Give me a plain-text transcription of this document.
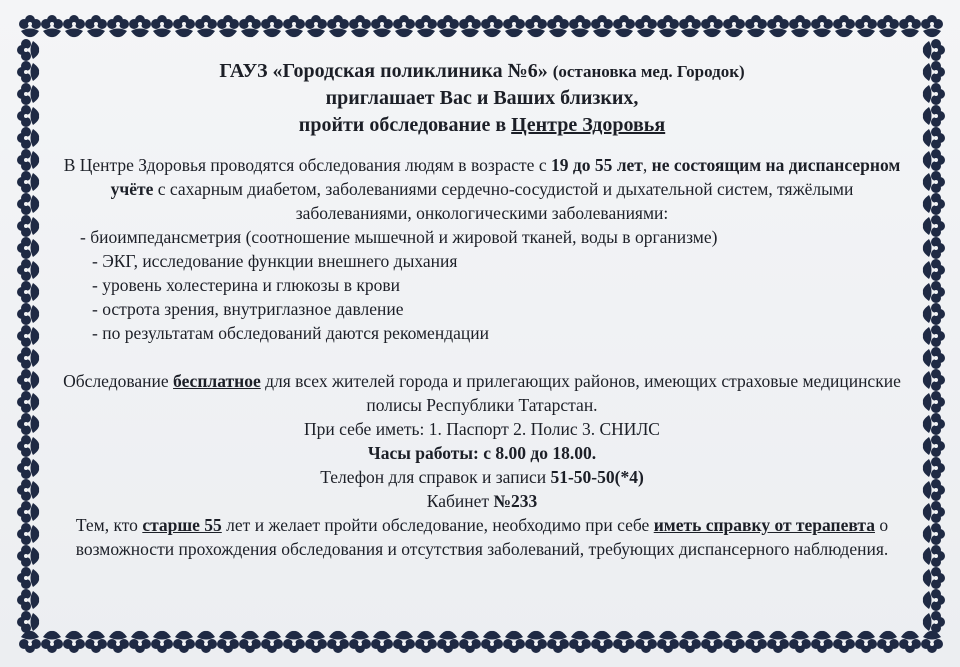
ГАУЗ «Городская поликлиника №6» (остановка мед. Городок)
приглашает Вас и Ваших близких,
пройти обследование в Центре Здоровья
В Центре Здоровья проводятся обследования людям в возрасте с 19 до 55 лет, не состоящим на диспансерном учёте с сахарным диабетом, заболеваниями сердечно-сосудистой и дыхательной систем, тяжёлыми заболеваниями, онкологическими заболеваниями:
- биоимпедансметрия (соотношение мышечной и жировой тканей, воды в организме)
- ЭКГ, исследование функции внешнего дыхания
- уровень холестерина и глюкозы в крови
- острота зрения, внутриглазное давление
- по результатам обследований даются рекомендации
Обследование бесплатное для всех жителей города и прилегающих районов, имеющих страховые медицинские полисы Республики Татарстан.
При себе иметь: 1. Паспорт 2. Полис 3. СНИЛС
Часы работы: с 8.00 до 18.00.
Телефон для справок и записи 51-50-50(*4)
Кабинет №233
Тем, кто старше 55 лет и желает пройти обследование, необходимо при себе иметь справку от терапевта о возможности прохождения обследования и отсутствия заболеваний, требующих диспансерного наблюдения.
